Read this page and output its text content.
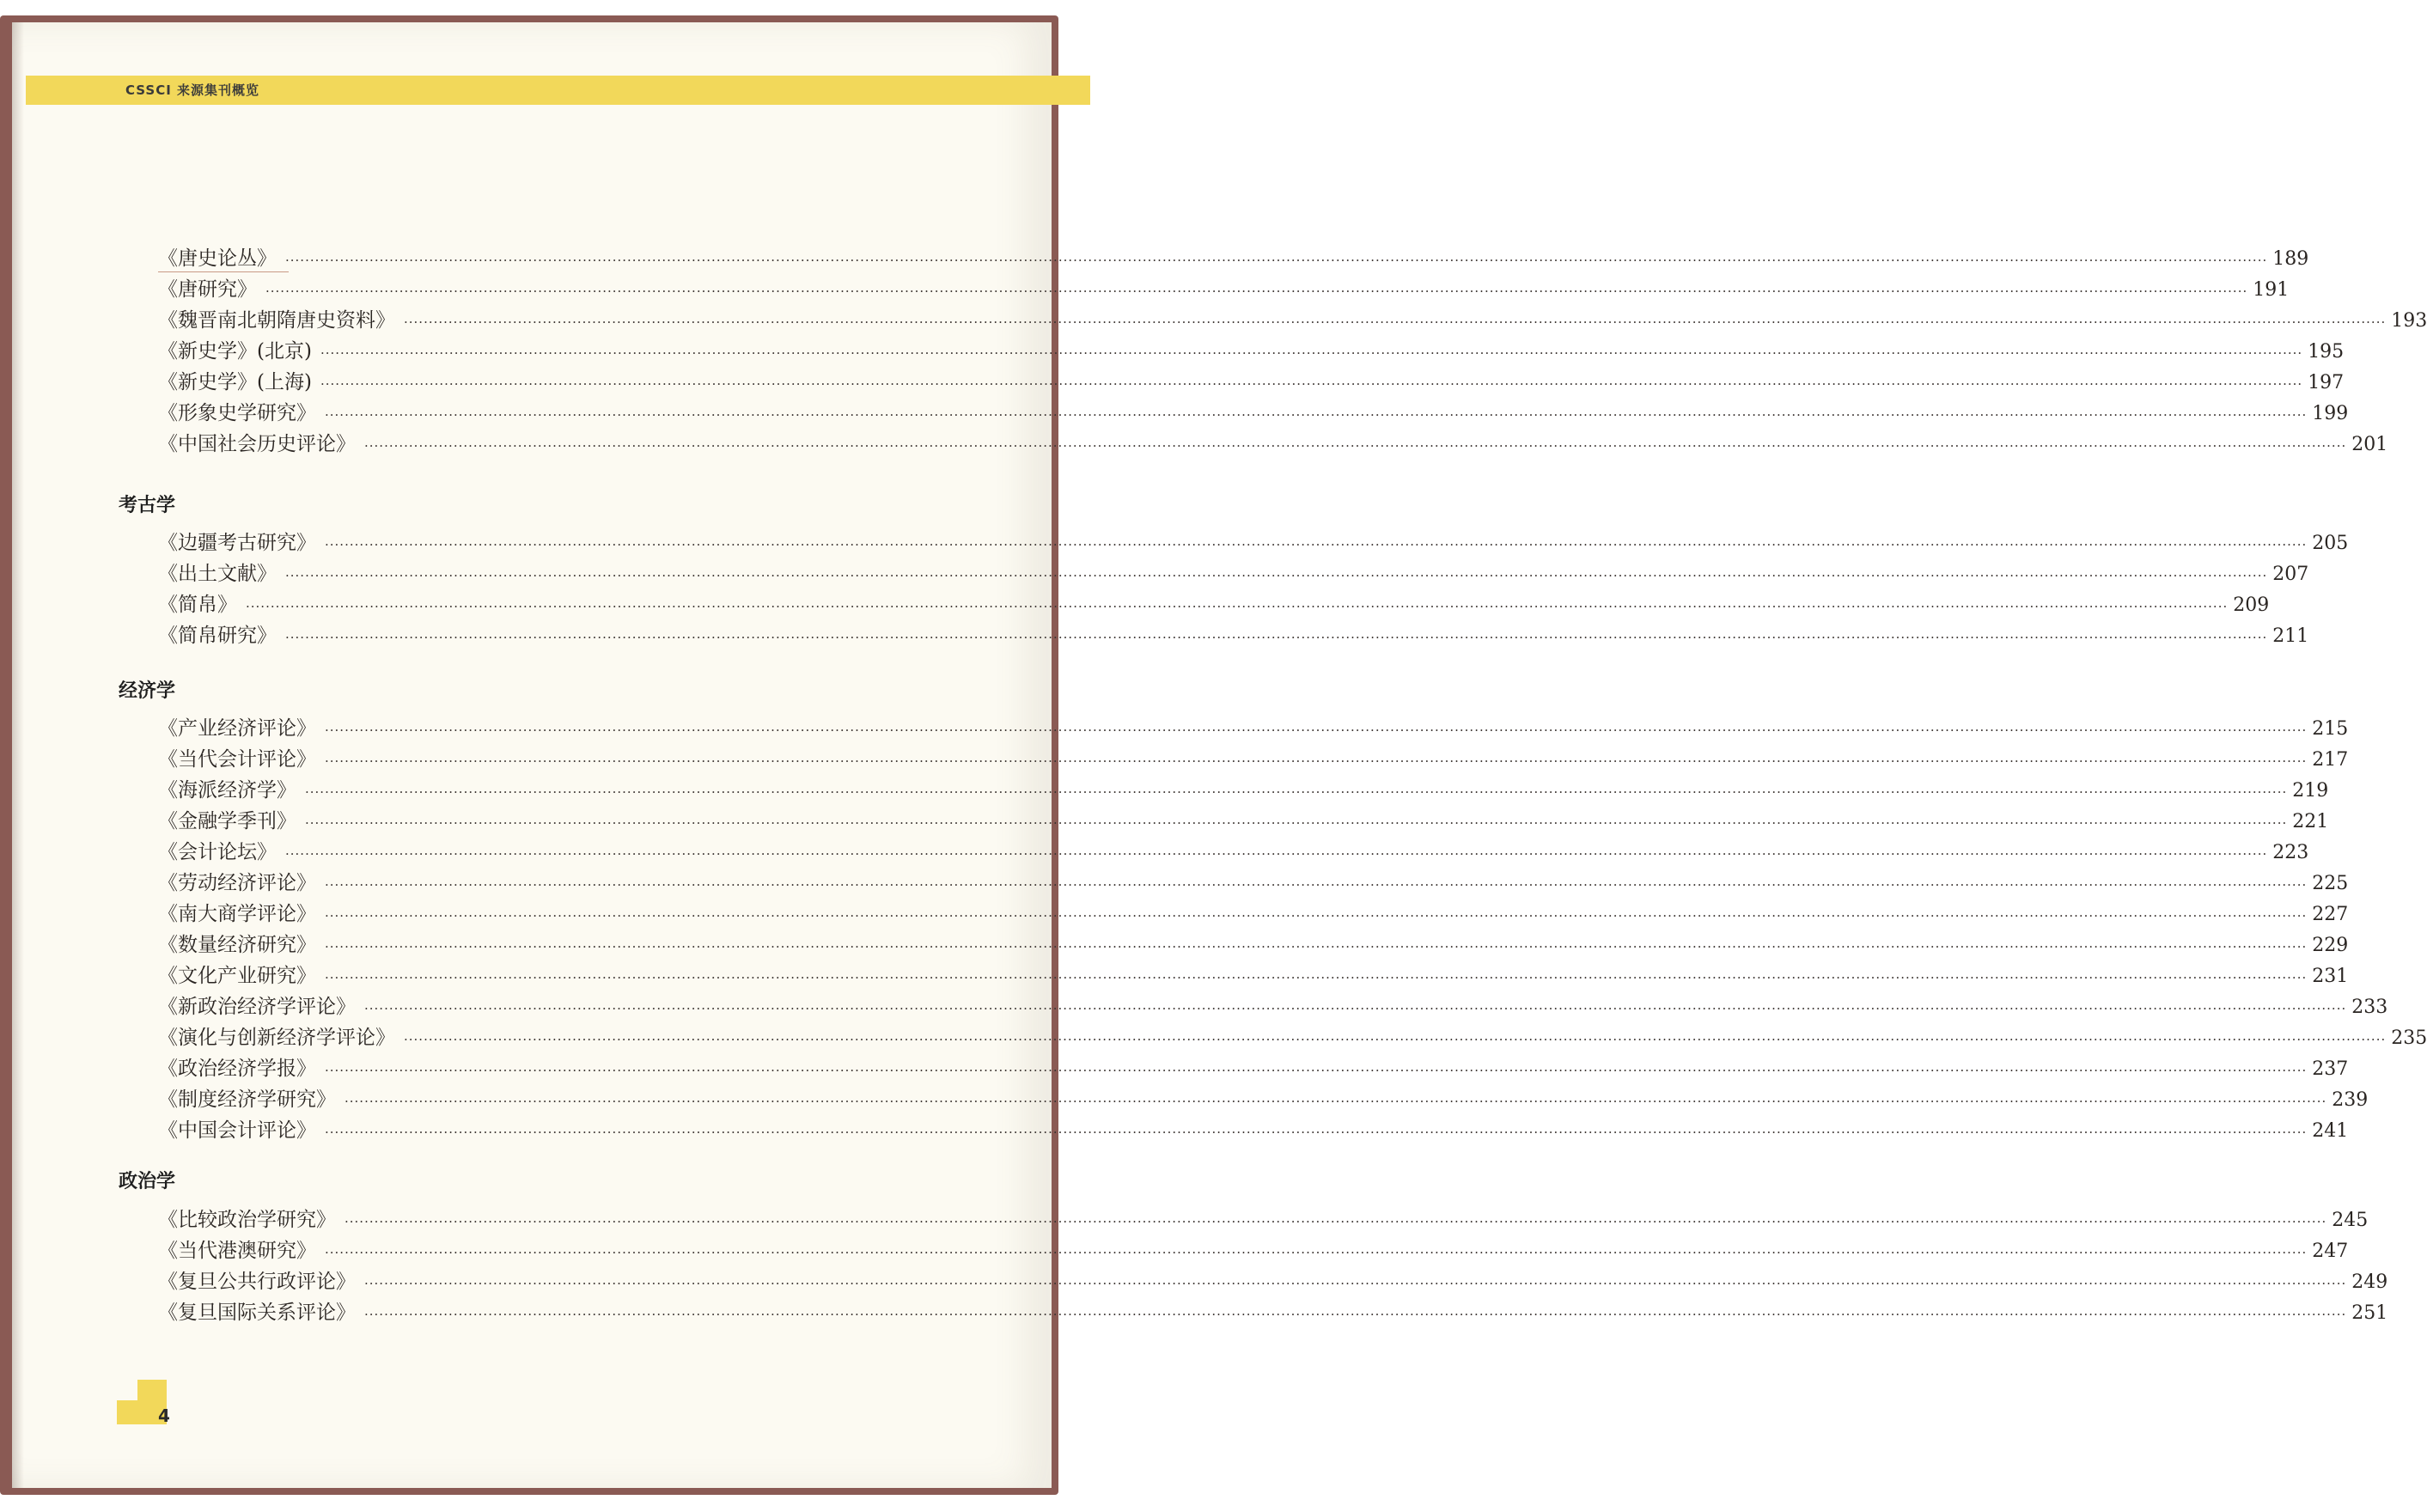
CSSCI 来源集刊概览
《唐史论丛》 ················································································································································································································································································································································································································ 189
《唐研究》 ················································································································································································································································································································································································································ 191
《魏晋南北朝隋唐史资料》 ················································································································································································································································································································································································································ 193
《新史学》(北京) ················································································································································································································································································································································································································ 195
《新史学》(上海) ················································································································································································································································································································································································································ 197
《形象史学研究》 ················································································································································································································································································································································································································ 199
《中国社会历史评论》 ················································································································································································································································································································································································································ 201
考古学
《边疆考古研究》 ················································································································································································································································································································································································································ 205
《出土文献》 ················································································································································································································································································································································································································ 207
《简帛》 ················································································································································································································································································································································································································ 209
《简帛研究》 ················································································································································································································································································································································································································ 211
经济学
《产业经济评论》 ················································································································································································································································································································································································································ 215
《当代会计评论》 ················································································································································································································································································································································································································ 217
《海派经济学》 ················································································································································································································································································································································································································ 219
《金融学季刊》 ················································································································································································································································································································································································································ 221
《会计论坛》 ················································································································································································································································································································································································································ 223
《劳动经济评论》 ················································································································································································································································································································································································································ 225
《南大商学评论》 ················································································································································································································································································································································································································ 227
《数量经济研究》 ················································································································································································································································································································································································································ 229
《文化产业研究》 ················································································································································································································································································································································································································ 231
《新政治经济学评论》 ················································································································································································································································································································································································································ 233
《演化与创新经济学评论》 ················································································································································································································································································································································································································ 235
《政治经济学报》 ················································································································································································································································································································································································································ 237
《制度经济学研究》 ················································································································································································································································································································································································································ 239
《中国会计评论》 ················································································································································································································································································································································································································ 241
政治学
《比较政治学研究》 ················································································································································································································································································································································································································ 245
《当代港澳研究》 ················································································································································································································································································································································································································ 247
《复旦公共行政评论》 ················································································································································································································································································································································································································ 249
《复旦国际关系评论》 ················································································································································································································································································································································································································ 251
4
